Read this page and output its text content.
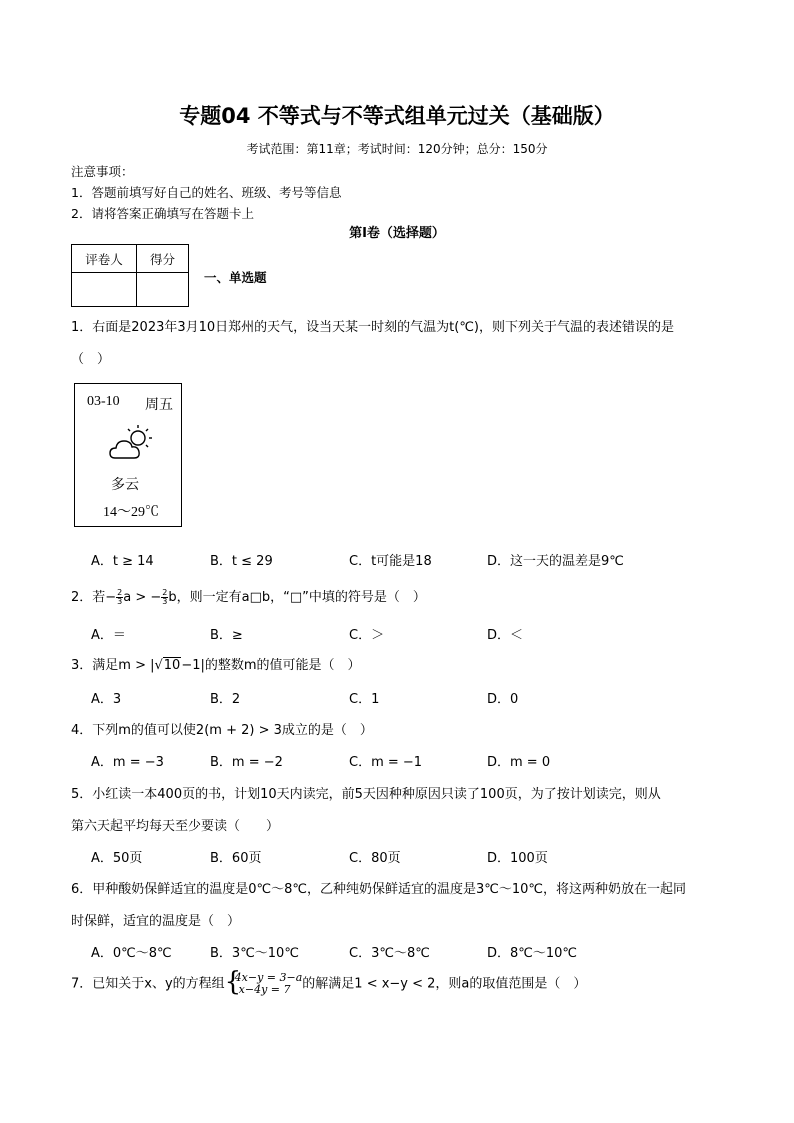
专题04 不等式与不等式组单元过关（基础版）
考试范围：第11章；考试时间：120分钟；总分：150分
注意事项：
1．答题前填写好自己的姓名、班级、考号等信息
2．请将答案正确填写在答题卡上
第I卷（选择题）
评卷人	得分

一、单选题
1．右面是2023年3月10日郑州的天气，设当天某一时刻的气温为t(℃)，则下列关于气温的表述错误的是
（　）
03-10 周五
多云
14～29℃
A．t ≥ 14	B．t ≤ 29	C．t可能是18	D．这一天的温差是9℃
2．若− $\frac{2}{3}$ a > − $\frac{2}{3}$ b，则一定有a□b，“□”中填的符号是（　）
A．＝	B．≥	C．＞	D．＜
3．满足m > |√10−1|的整数m的值可能是（　）
A．3	B．2	C．1	D．0
4．下列m的值可以使2(m + 2) > 3成立的是（　）
A．m = −3	B．m = −2	C．m = −1	D．m = 0
5．小红读一本400页的书，计划10天内读完，前5天因种种原因只读了100页，为了按计划读完，则从
第六天起平均每天至少要读（　　）
A．50页	B．60页	C．80页	D．100页
6．甲种酸奶保鲜适宜的温度是0℃～8℃，乙种纯奶保鲜适宜的温度是3℃～10℃，将这两种奶放在一起同
时保鲜，适宜的温度是（　）
A．0℃～8℃	B．3℃～10℃	C．3℃～8℃	D．8℃～10℃
7．已知关于x、y的方程组 {
4x−y = 3−a
x−4y = 7 的解满足1 < x−y < 2，则a的取值范围是（　）
